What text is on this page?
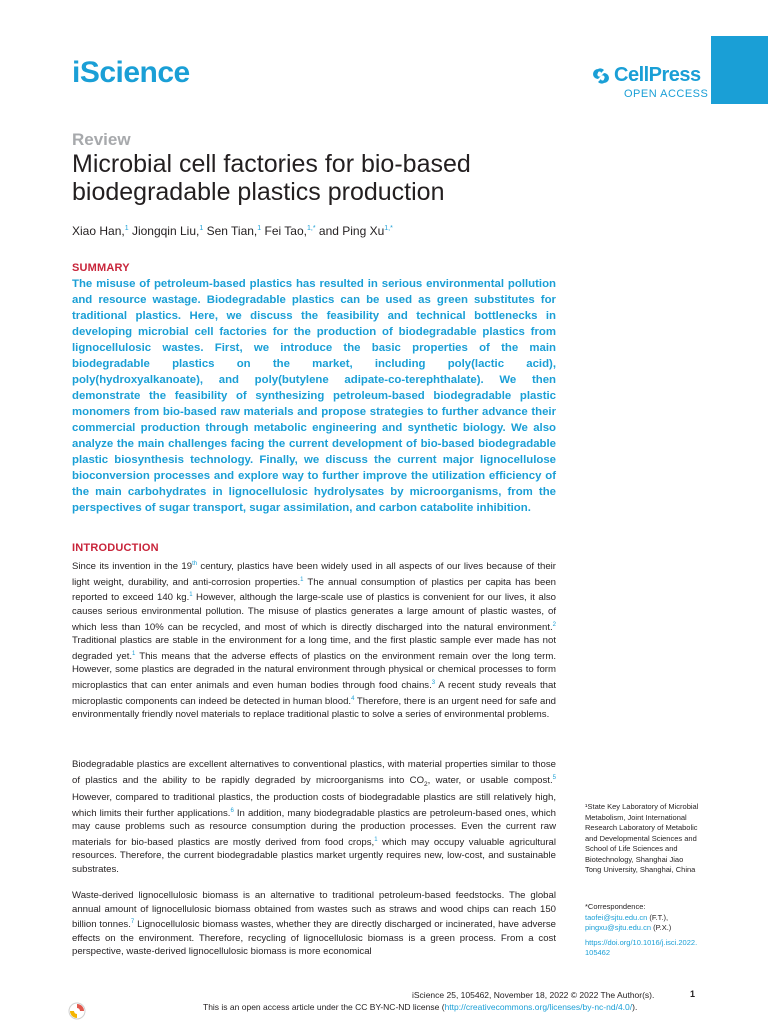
iScience	CellPress
OPEN ACCESS
Review
Microbial cell factories for bio-based
biodegradable plastics production
Xiao Han,$^1$ Jiongqin Liu,$^1$ Sen Tian,$^1$ Fei Tao,$^{1,*}$ and Ping $Xu^{1,*}$
SUMMARY

The misuse of petroleum-based plastics has resulted in serious environmental pollution and resource wastage. Biodegradable plastics can be used as green substitutes for traditional plastics. Here, we discuss the feasibility and technical bottlenecks in developing microbial cell factories for the production of biodegradable plastics from lignocellulosic wastes. First, we introduce the basic properties of the main biodegradable plastics on the market, including poly(lactic acid), poly(hydroxyalkanoate), and poly(butylene adipate-co-terephthalate). We then demonstrate the feasibility of synthesizing petroleum-based biodegradable plastic monomers from bio-based raw materials and propose strategies to further advance their commercial production through metabolic engineering and synthetic biology. We also analyze the main challenges facing the current development of bio-based biodegradable plastic biosynthesis technology. Finally, we discuss the current major lignocellulose bioconversion processes and explore way to further improve the utilization efficiency of the main carbohydrates in lignocellulosic hydrolysates by microorganisms, from the perspectives of sugar transport, sugar assimilation, and carbon catabolite inhibition.

INTRODUCTION

Since its invention in the 19th century, plastics have been widely used in all aspects of our lives because of their light weight, durability, and anti-corrosion properties.$^1$ The annual consumption of plastics per capita has been reported to exceed 140 kg.$^1$ However, although the large-scale use of plastics is convenient for our lives, it also causes serious environmental pollution. The misuse of plastics generates a large amount of plastic wastes, of which less than 10% can be recycled, and most of which is directly discharged into the natural environment.$^2$ Traditional plastics are stable in the environment for a long time, and the first plastic sample ever made has not degraded yet.$^1$ This means that the adverse effects of plastics on the environment remain over the long term. However, some plastics are degraded in the natural environment through physical or chemical processes to form microplastics that can enter animals and even human bodies through food chains.$^3$ A recent study reveals that microplastic components can indeed be detected in human blood.$^4$ Therefore, there is an urgent need for safe and environmentally friendly novel materials to replace traditional plastic to solve a series of environmental problems.

Biodegradable plastics are excellent alternatives to conventional plastics, with material properties similar to those of plastics and the ability to be rapidly degraded by microorganisms into $CO_2$, water, or usable compost.$^5$ However, compared to traditional plastics, the production costs of biodegradable plastics are still relatively high, which limits their further applications.$^6$ In addition, many biodegradable plastics are petroleum-based ones, which may cause problems such as resource consumption during the production processes. Even the current raw materials for bio-based plastics are mostly derived from food crops,$^1$ which may occupy valuable agricultural resources. Therefore, the current biodegradable plastics market urgently requires new, low-cost, and sustainable substrates.

Waste-derived lignocellulosic biomass is an alternative to traditional petroleum-based feedstocks. The global annual amount of lignocellulosic biomass obtained from wastes such as straws and wood chips can reach 150 billion tonnes.$^7$ Lignocellulosic biomass wastes, whether they are directly discharged or incinerated, have adverse effects on the environment. Therefore, recycling of lignocellulosic biomass is a green process. From a cost perspective, waste-derived lignocellulosic biomass is more economical

¹State Key Laboratory of Microbial Metabolism, Joint International Research Laboratory of Metabolic and Developmental Sciences and School of Life Sciences and Biotechnology, Shanghai Jiao Tong University, Shanghai, China

*Correspondence:
taofei@sjtu.edu.cn (F.T.),
pingxu@sjtu.edu.cn (P.X.)
https://doi.org/10.1016/j.isci.2022.105462
iScience 25, 105462, November 18, 2022 © 2022 The Author(s).	1
This is an open access article under the CC BY-NC-ND license (http://creativecommons.org/licenses/by-nc-nd/4.0/).
